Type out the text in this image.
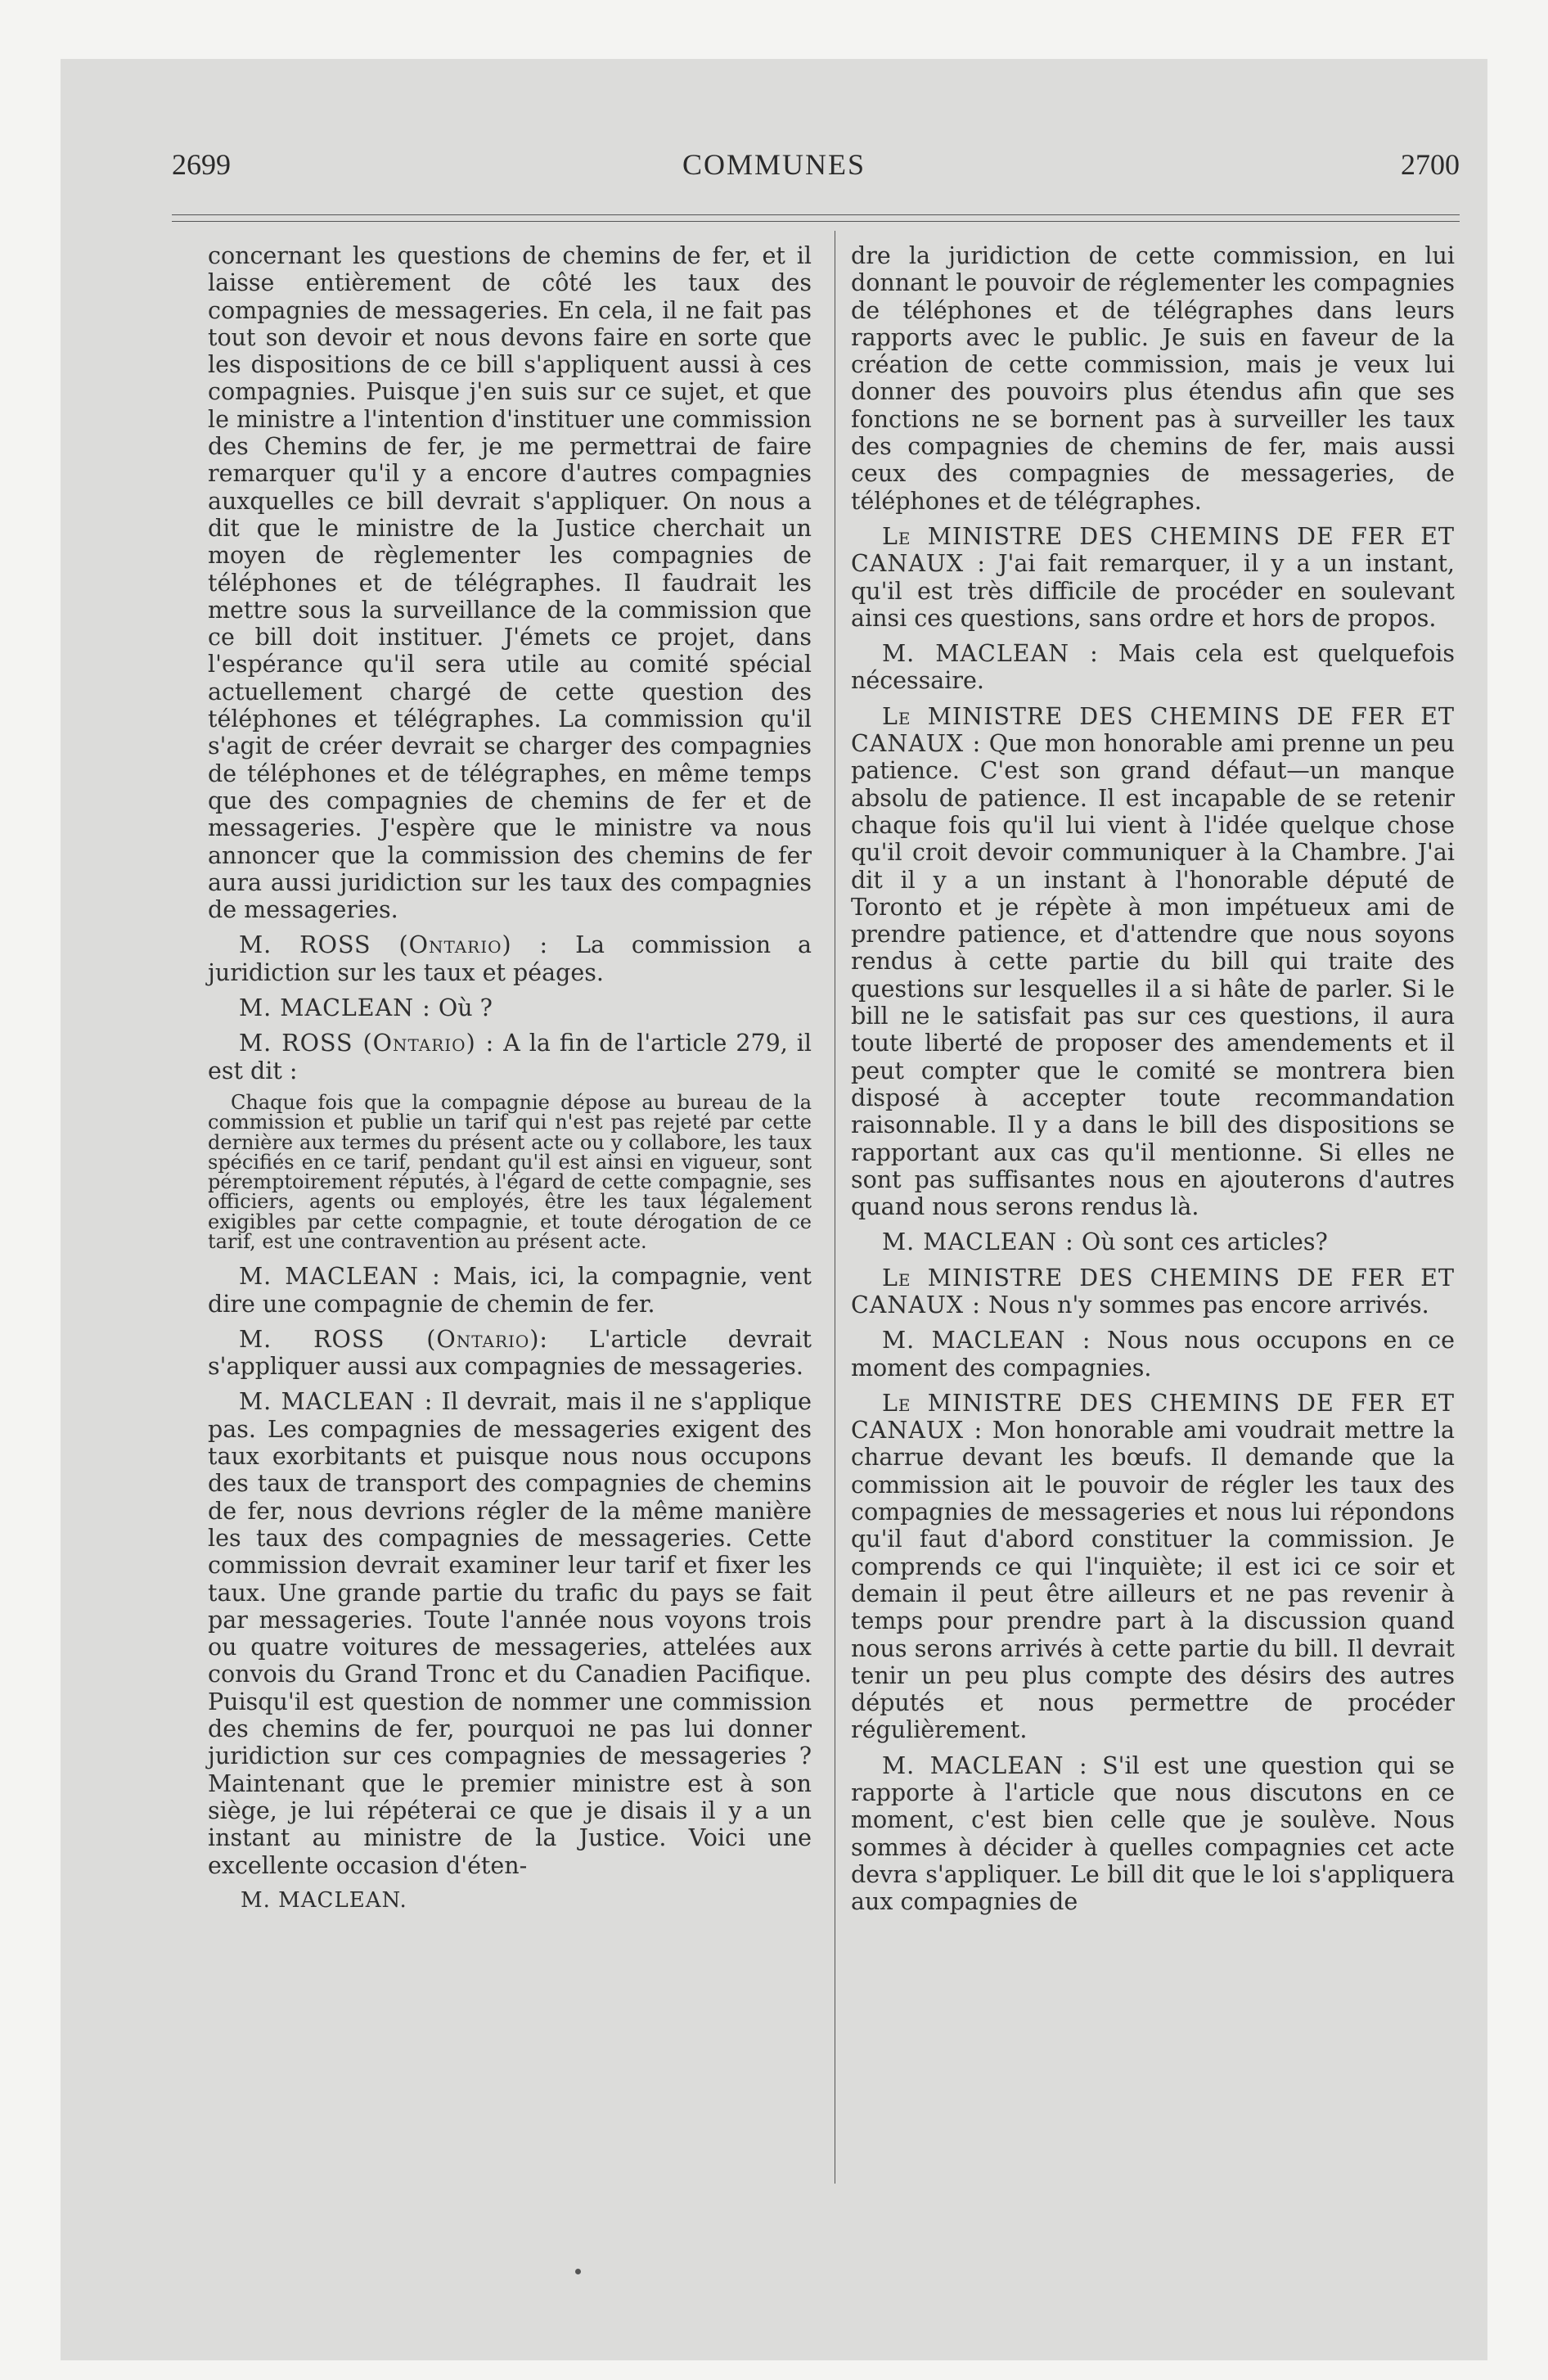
2699	COMMUNES	2700

concernant les questions de chemins de fer, et il laisse entièrement de côté les taux des compagnies de messageries. En cela, il ne fait pas tout son devoir et nous devons faire en sorte que les dispositions de ce bill s'appliquent aussi à ces compagnies. Puisque j'en suis sur ce sujet, et que le ministre a l'intention d'instituer une commission des Chemins de fer, je me permettrai de faire remarquer qu'il y a encore d'autres compagnies auxquelles ce bill devrait s'appliquer. On nous a dit que le ministre de la Justice cherchait un moyen de règlementer les compagnies de téléphones et de télégraphes. Il faudrait les mettre sous la surveillance de la commission que ce bill doit instituer. J'émets ce projet, dans l'espérance qu'il sera utile au comité spécial actuellement chargé de cette question des téléphones et télégraphes. La commission qu'il s'agit de créer devrait se charger des compagnies de téléphones et de télégraphes, en même temps que des compagnies de chemins de fer et de messageries. J'espère que le ministre va nous annoncer que la commission des chemins de fer aura aussi juridiction sur les taux des compagnies de messageries.

M. ROSS (Ontario) : La commission a juridiction sur les taux et péages.

M. MACLEAN : Où ?

M. ROSS (Ontario) : A la fin de l'article 279, il est dit :

Chaque fois que la compagnie dépose au bureau de la commission et publie un tarif qui n'est pas rejeté par cette dernière aux termes du présent acte ou y collabore, les taux spécifiés en ce tarif, pendant qu'il est ainsi en vigueur, sont péremptoirement réputés, à l'égard de cette compagnie, ses officiers, agents ou employés, être les taux légalement exigibles par cette compagnie, et toute dérogation de ce tarif, est une contravention au présent acte.

M. MACLEAN : Mais, ici, la compagnie, vent dire une compagnie de chemin de fer.

M. ROSS (Ontario): L'article devrait s'appliquer aussi aux compagnies de messageries.

M. MACLEAN : Il devrait, mais il ne s'applique pas. Les compagnies de messageries exigent des taux exorbitants et puisque nous nous occupons des taux de transport des compagnies de chemins de fer, nous devrions régler de la même manière les taux des compagnies de messageries. Cette commission devrait examiner leur tarif et fixer les taux. Une grande partie du trafic du pays se fait par messageries. Toute l'année nous voyons trois ou quatre voitures de messageries, attelées aux convois du Grand Tronc et du Canadien Pacifique. Puisqu'il est question de nommer une commission des chemins de fer, pourquoi ne pas lui donner juridiction sur ces compagnies de messageries ? Maintenant que le premier ministre est à son siège, je lui répéterai ce que je disais il y a un instant au ministre de la Justice. Voici une excellente occasion d'éten-

M. MACLEAN.

dre la juridiction de cette commission, en lui donnant le pouvoir de réglementer les compagnies de téléphones et de télégraphes dans leurs rapports avec le public. Je suis en faveur de la création de cette commission, mais je veux lui donner des pouvoirs plus étendus afin que ses fonctions ne se bornent pas à surveiller les taux des compagnies de chemins de fer, mais aussi ceux des compagnies de messageries, de téléphones et de télégraphes.

Le MINISTRE DES CHEMINS DE FER ET CANAUX : J'ai fait remarquer, il y a un instant, qu'il est très difficile de procéder en soulevant ainsi ces questions, sans ordre et hors de propos.

M. MACLEAN : Mais cela est quelquefois nécessaire.

Le MINISTRE DES CHEMINS DE FER ET CANAUX : Que mon honorable ami prenne un peu patience. C'est son grand défaut—un manque absolu de patience. Il est incapable de se retenir chaque fois qu'il lui vient à l'idée quelque chose qu'il croit devoir communiquer à la Chambre. J'ai dit il y a un instant à l'honorable député de Toronto et je répète à mon impétueux ami de prendre patience, et d'attendre que nous soyons rendus à cette partie du bill qui traite des questions sur lesquelles il a si hâte de parler. Si le bill ne le satisfait pas sur ces questions, il aura toute liberté de proposer des amendements et il peut compter que le comité se montrera bien disposé à accepter toute recommandation raisonnable. Il y a dans le bill des dispositions se rapportant aux cas qu'il mentionne. Si elles ne sont pas suffisantes nous en ajouterons d'autres quand nous serons rendus là.

M. MACLEAN : Où sont ces articles?

Le MINISTRE DES CHEMINS DE FER ET CANAUX : Nous n'y sommes pas encore arrivés.

M. MACLEAN : Nous nous occupons en ce moment des compagnies.

Le MINISTRE DES CHEMINS DE FER ET CANAUX : Mon honorable ami voudrait mettre la charrue devant les bœufs. Il demande que la commission ait le pouvoir de régler les taux des compagnies de messageries et nous lui répondons qu'il faut d'abord constituer la commission. Je comprends ce qui l'inquiète; il est ici ce soir et demain il peut être ailleurs et ne pas revenir à temps pour prendre part à la discussion quand nous serons arrivés à cette partie du bill. Il devrait tenir un peu plus compte des désirs des autres députés et nous permettre de procéder régulièrement.

M. MACLEAN : S'il est une question qui se rapporte à l'article que nous discutons en ce moment, c'est bien celle que je soulève. Nous sommes à décider à quelles compagnies cet acte devra s'appliquer. Le bill dit que le loi s'appliquera aux compagnies de
